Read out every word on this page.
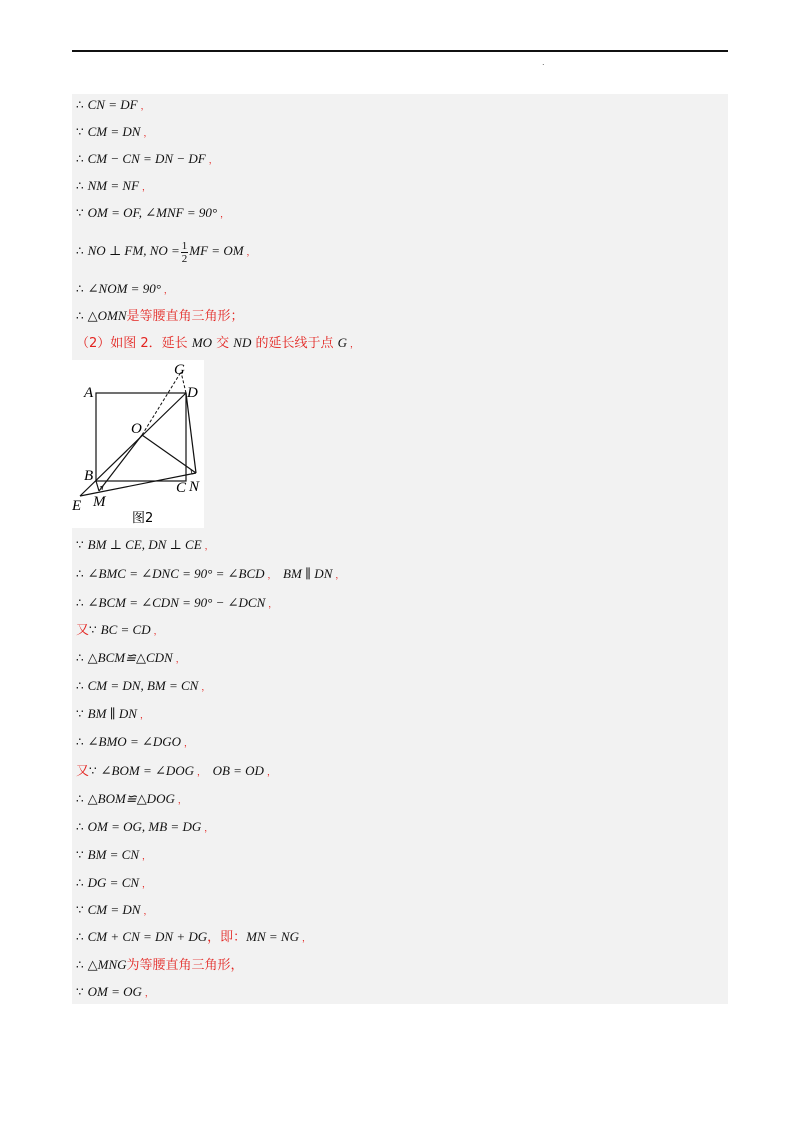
.
∴ CN = DF ，
∵ CM = DN ，
∴ CM − CN = DN − DF ，
∴ NM = NF ，
∵ OM = OF, ∠MNF = 90° ，
∴ NO ⊥ FM, NO = $\frac{1}{2}$ MF = OM ，
∴ ∠NOM = 90° ，
∴ △OMN是等腰直角三角形；
（2）如图 2．延长 MO 交 ND 的延长线于点 G ，
∵ BM ⊥ CE, DN ⊥ CE ，
∴ ∠BMC = ∠DNC = 90° = ∠BCD ， BM ∥ DN ，
∴ ∠BCM = ∠CDN = 90° − ∠DCN ，
又∵ BC = CD ，
∴ △BCM≌△CDN ，
∴ CM = DN, BM = CN ，
∵ BM ∥ DN ，
∴ ∠BMO = ∠DGO ，
又∵ ∠BOM = ∠DOG ， OB = OD ，
∴ △BOM≌△DOG ，
∴ OM = OG, MB = DG ，
∵ BM = CN ，
∴ DG = CN ，
∵ CM = DN ，
∴ CM + CN = DN + DG，即：MN = NG ，
∴ △MNG为等腰直角三角形，
∵ OM = OG ，
A	D
G
O
B
C N
E M
图2
